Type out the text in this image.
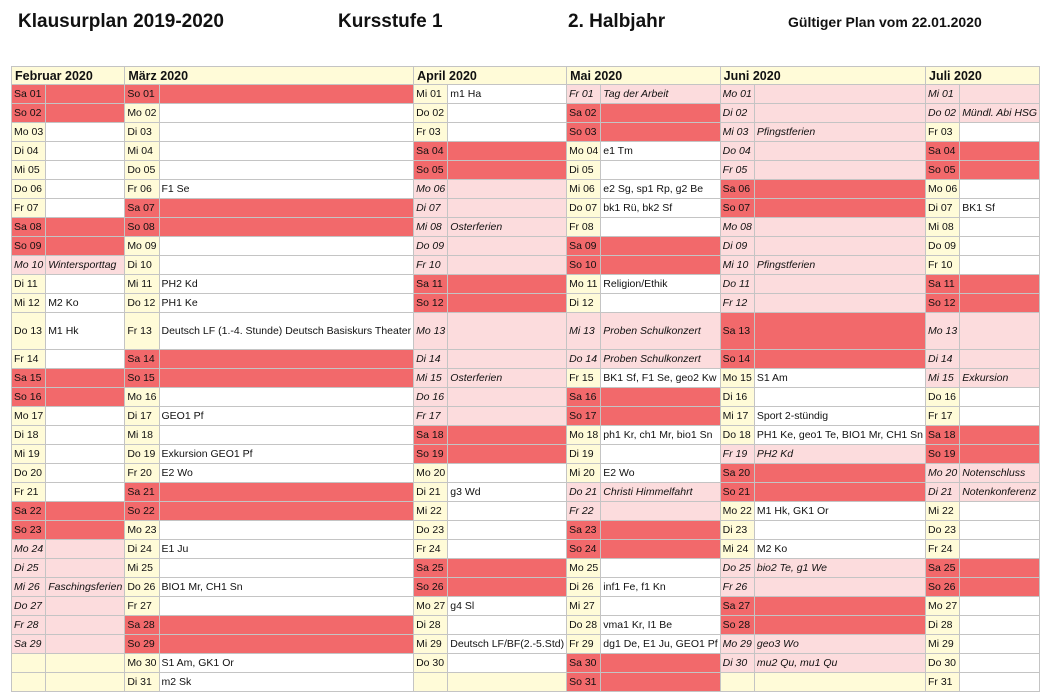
Klausurplan 2019-2020	Kursstufe 1	2. Halbjahr	Gültiger Plan vom 22.01.2020
Februar 2020		März 2020		April 2020		Mai 2020		Juni 2020		Juli 2020	
Sa 01		So 01		Mi 01	m1 Ha	Fr 01	Tag der Arbeit	Mo 01		Mi 01	
So 02		Mo 02		Do 02		Sa 02		Di 02		Do 02	Mündl. Abi HSG
Mo 03		Di 03		Fr 03		So 03		Mi 03	Pfingstferien	Fr 03	
Di 04		Mi 04		Sa 04		Mo 04	e1 Tm	Do 04		Sa 04	
Mi 05		Do 05		So 05		Di 05		Fr 05		So 05	
Do 06		Fr 06	F1 Se	Mo 06		Mi 06	e2 Sg, sp1 Rp, g2 Be	Sa 06		Mo 06	
Fr 07		Sa 07		Di 07		Do 07	bk1 Rü, bk2 Sf	So 07		Di 07	BK1 Sf
Sa 08		So 08		Mi 08	Osterferien	Fr 08		Mo 08		Mi 08	
So 09		Mo 09		Do 09		Sa 09		Di 09		Do 09	
Mo 10	Wintersporttag	Di 10		Fr 10		So 10		Mi 10	Pfingstferien	Fr 10	
Di 11		Mi 11	PH2 Kd	Sa 11		Mo 11	Religion/Ethik	Do 11		Sa 11	
Mi 12	M2 Ko	Do 12	PH1 Ke	So 12		Di 12		Fr 12		So 12	
Do 13	M1 Hk	Fr 13	Deutsch LF (1.-4. Stunde) Deutsch Basiskurs Theater	Mo 13		Mi 13	Proben Schulkonzert	Sa 13		Mo 13	
Fr 14		Sa 14		Di 14		Do 14	Proben Schulkonzert	So 14		Di 14	
Sa 15		So 15		Mi 15	Osterferien	Fr 15	BK1 Sf, F1 Se, geo2 Kw	Mo 15	S1 Am	Mi 15	Exkursion
So 16		Mo 16		Do 16		Sa 16		Di 16		Do 16	
Mo 17		Di 17	GEO1 Pf	Fr 17		So 17		Mi 17	Sport 2-stündig	Fr 17	
Di 18		Mi 18		Sa 18		Mo 18	ph1 Kr, ch1 Mr, bio1 Sn	Do 18	PH1 Ke, geo1 Te, BIO1 Mr, CH1 Sn	Sa 18	
Mi 19		Do 19	Exkursion GEO1 Pf	So 19		Di 19		Fr 19	PH2 Kd	So 19	
Do 20		Fr 20	E2 Wo	Mo 20		Mi 20	E2 Wo	Sa 20		Mo 20	Notenschluss
Fr 21		Sa 21		Di 21	g3 Wd	Do 21	Christi Himmelfahrt	So 21		Di 21	Notenkonferenz
Sa 22		So 22		Mi 22		Fr 22		Mo 22	M1 Hk, GK1 Or	Mi 22	
So 23		Mo 23		Do 23		Sa 23		Di 23		Do 23	
Mo 24		Di 24	E1 Ju	Fr 24		So 24		Mi 24	M2 Ko	Fr 24	
Di 25		Mi 25		Sa 25		Mo 25		Do 25	bio2 Te, g1 We	Sa 25	
Mi 26	Faschingsferien	Do 26	BIO1 Mr, CH1 Sn	So 26		Di 26	inf1 Fe, f1 Kn	Fr 26		So 26	
Do 27		Fr 27		Mo 27	g4 Sl	Mi 27		Sa 27		Mo 27	
Fr 28		Sa 28		Di 28		Do 28	vma1 Kr, I1 Be	So 28		Di 28	
Sa 29		So 29		Mi 29	Deutsch LF/BF(2.-5.Std)	Fr 29	dg1 De, E1 Ju, GEO1 Pf	Mo 29	geo3 Wo	Mi 29	
		Mo 30	S1 Am, GK1 Or	Do 30		Sa 30		Di 30	mu2 Qu, mu1 Qu	Do 30	
		Di 31	m2 Sk			So 31				Fr 31	
